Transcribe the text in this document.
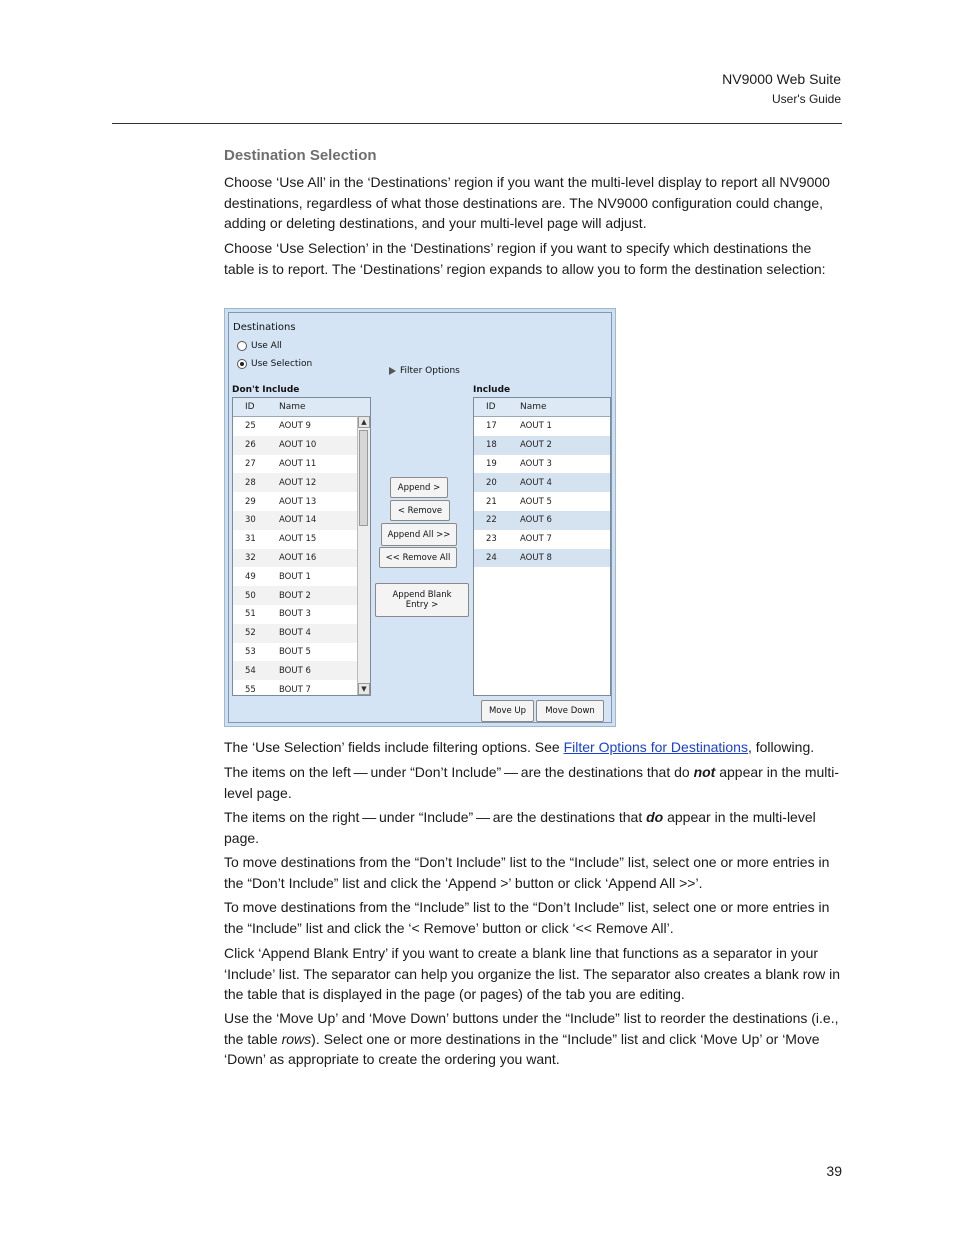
NV9000 Web Suite
User's Guide
Destination Selection

Choose ‘Use All’ in the ‘Destinations’ region if you want the multi-level display to report all NV9000 destinations, regardless of what those destinations are. The NV9000 configuration could change, adding or deleting destinations, and your multi-level page will adjust.

Choose ‘Use Selection’ in the ‘Destinations’ region if you want to specify which destinations the table is to report. The ‘Destinations’ region expands to allow you to form the destination selection:

Destinations
Use All
Use Selection
Filter Options
Don't Include	Include
ID	Name
25	AOUT 9
26	AOUT 10
27	AOUT 11
28	AOUT 12
29	AOUT 13
30	AOUT 14
31	AOUT 15
32	AOUT 16
49	BOUT 1
50	BOUT 2
51	BOUT 3
52	BOUT 4
53	BOUT 5
54	BOUT 6
55	BOUT 7
▲
▼
Append >
< Remove
Append All >>
<< Remove All
Append Blank Entry >
ID	Name
17	AOUT 1
18	AOUT 2
19	AOUT 3
20	AOUT 4
21	AOUT 5
22	AOUT 6
23	AOUT 7
24	AOUT 8
Move Up	Move Down

The ‘Use Selection’ fields include filtering options. See Filter Options for Destinations, following.

The items on the left — under “Don’t Include” — are the destinations that do not appear in the multi-level page.

The items on the right — under “Include” — are the destinations that do appear in the multi-level page.

To move destinations from the “Don’t Include” list to the “Include” list, select one or more entries in the “Don’t Include” list and click the ‘Append >’ button or click ‘Append All >>’.

To move destinations from the “Include” list to the “Don’t Include” list, select one or more entries in the “Include” list and click the ‘< Remove’ button or click ‘<< Remove All’.

Click ‘Append Blank Entry’ if you want to create a blank line that functions as a separator in your ‘Include’ list. The separator can help you organize the list. The separator also creates a blank row in the table that is displayed in the page (or pages) of the tab you are editing.

Use the ‘Move Up’ and ‘Move Down’ buttons under the “Include” list to reorder the destinations (i.e., the table rows). Select one or more destinations in the “Include” list and click ‘Move Up’ or ‘Move ‘Down’ as appropriate to create the ordering you want.

39
